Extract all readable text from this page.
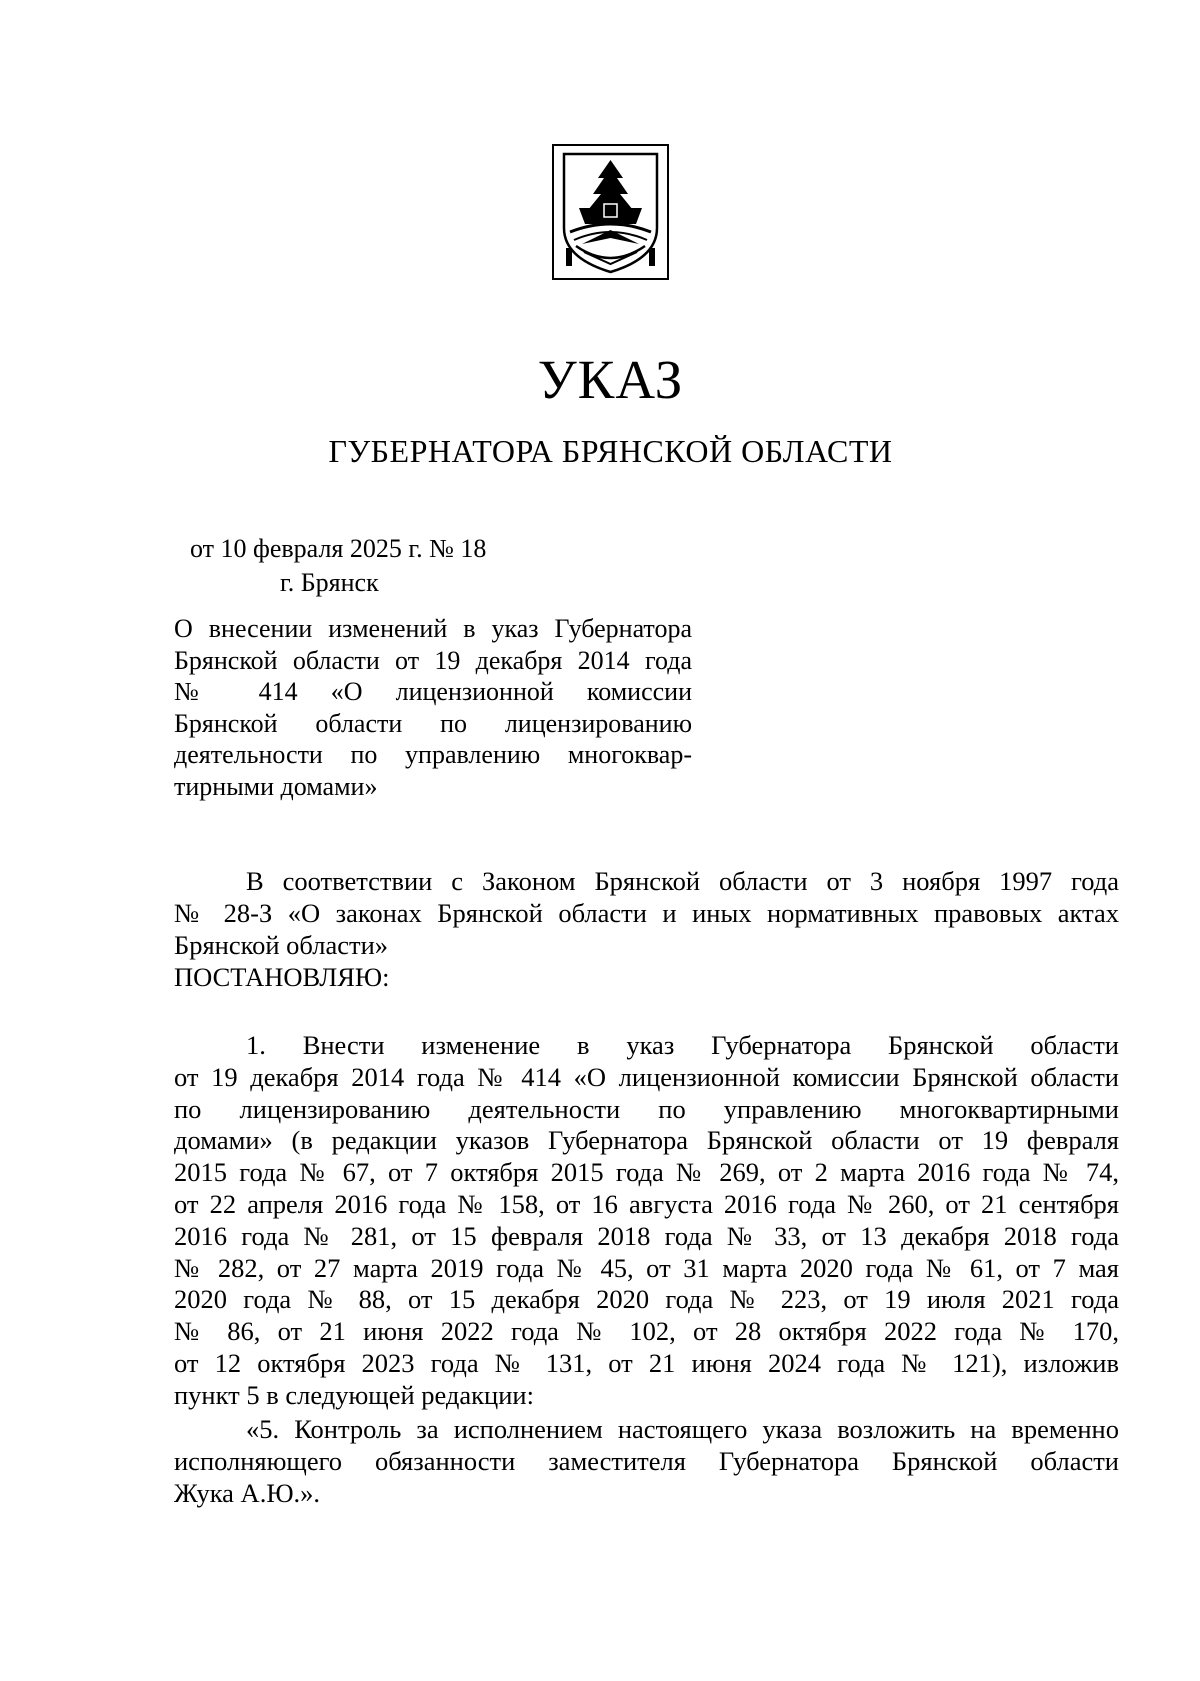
УКАЗ
ГУБЕРНАТОРА БРЯНСКОЙ ОБЛАСТИ
от 10 февраля 2025 г. № 18
г. Брянск
О внесении изменений в указ Губернатора
Брянской области от 19 декабря 2014 года
№ 414 «О лицензионной комиссии
Брянской области по лицензированию
деятельности по управлению многоквар-
тирными домами»
В соответствии с Законом Брянской области от 3 ноября 1997 года
№ 28-З «О законах Брянской области и иных нормативных правовых актах
Брянской области»
ПОСТАНОВЛЯЮ:
1. Внести изменение в указ Губернатора Брянской области
от 19 декабря 2014 года № 414 «О лицензионной комиссии Брянской области
по лицензированию деятельности по управлению многоквартирными
домами» (в редакции указов Губернатора Брянской области от 19 февраля
2015 года № 67, от 7 октября 2015 года № 269, от 2 марта 2016 года № 74,
от 22 апреля 2016 года № 158, от 16 августа 2016 года № 260, от 21 сентября
2016 года № 281, от 15 февраля 2018 года № 33, от 13 декабря 2018 года
№ 282, от 27 марта 2019 года № 45, от 31 марта 2020 года № 61, от 7 мая
2020 года № 88, от 15 декабря 2020 года № 223, от 19 июля 2021 года
№ 86, от 21 июня 2022 года № 102, от 28 октября 2022 года № 170,
от 12 октября 2023 года № 131, от 21 июня 2024 года № 121), изложив
пункт 5 в следующей редакции:
«5. Контроль за исполнением настоящего указа возложить на временно
исполняющего обязанности заместителя Губернатора Брянской области
Жука А.Ю.».
